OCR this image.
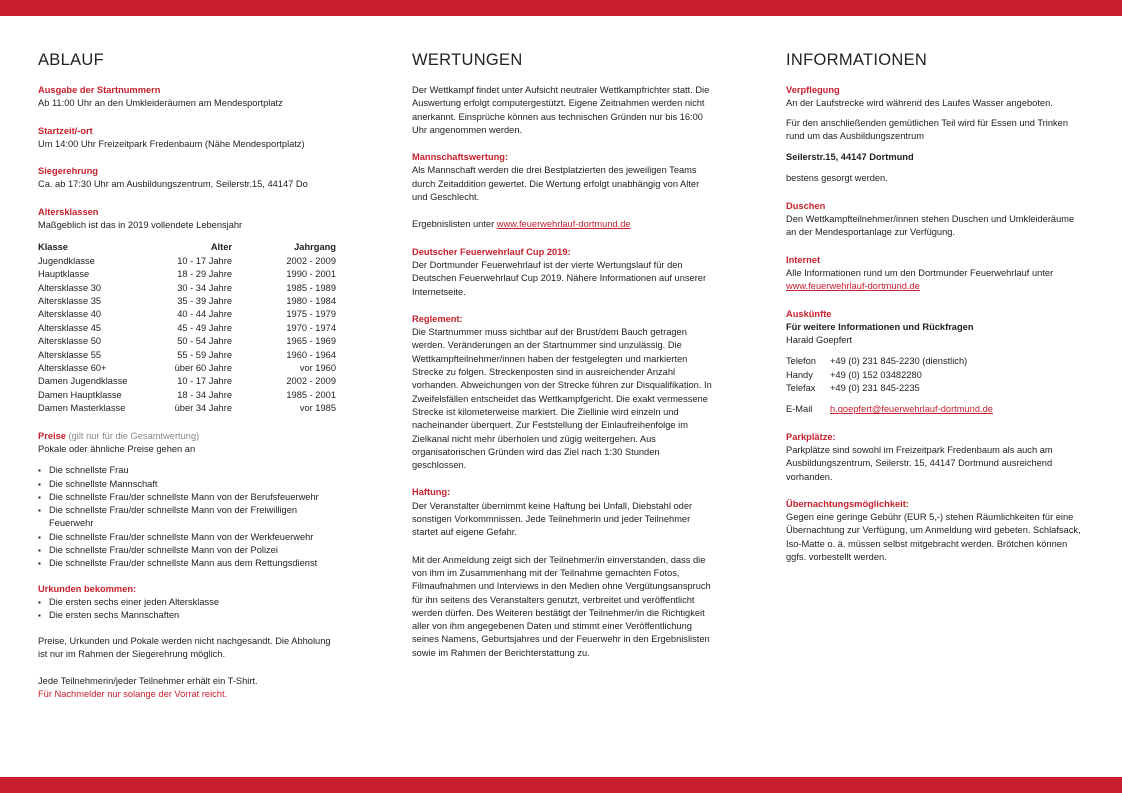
ABLAUF
Ausgabe der Startnummern

Ab 11:00 Uhr an den Umkleideräumen am Mendesportplatz

Startzeit/-ort

Um 14:00 Uhr Freizeitpark Fredenbaum (Nähe Mendesportplatz)

Siegerehrung

Ca. ab 17:30 Uhr am Ausbildungszentrum, Seilerstr.15, 44147 Do

Altersklassen

Maßgeblich ist das in 2019 vollendete Lebensjahr

Klasse	Alter	Jahrgang
Jugendklasse	10 - 17 Jahre	2002 - 2009
Hauptklasse	18 - 29 Jahre	1990 - 2001
Altersklasse 30	30 - 34 Jahre	1985 - 1989
Altersklasse 35	35 - 39 Jahre	1980 - 1984
Altersklasse 40	40 - 44 Jahre	1975 - 1979
Altersklasse 45	45 - 49 Jahre	1970 - 1974
Altersklasse 50	50 - 54 Jahre	1965 - 1969
Altersklasse 55	55 - 59 Jahre	1960 - 1964
Altersklasse 60+	über 60 Jahre	vor 1960
Damen Jugendklasse	10 - 17 Jahre	2002 - 2009
Damen Hauptklasse	18 - 34 Jahre	1985 - 2001
Damen Masterklasse	über 34 Jahre	vor 1985

Preise (gilt nur für die Gesamtwertung)

Pokale oder ähnliche Preise gehen an

▪ Die schnellste Frau
▪ Die schnellste Mannschaft
▪ Die schnellste Frau/der schnellste Mann von der Berufsfeuerwehr
▪ Die schnellste Frau/der schnellste Mann von der Freiwilligen Feuerwehr
▪ Die schnellste Frau/der schnellste Mann von der Werkfeuerwehr
▪ Die schnellste Frau/der schnellste Mann von der Polizei
▪ Die schnellste Frau/der schnellste Mann aus dem Rettungsdienst
Urkunden bekommen:
▪ Die ersten sechs einer jeden Altersklasse
▪ Die ersten sechs Mannschaften

Preise, Urkunden und Pokale werden nicht nachgesandt. Die Abholung ist nur im Rahmen der Siegerehrung möglich.

Jede Teilnehmerin/jeder Teilnehmer erhält ein T-Shirt.

Für Nachmelder nur solange der Vorrat reicht.

WERTUNGEN

Der Wettkampf findet unter Aufsicht neutraler Wettkampfrichter statt. Die Auswertung erfolgt computergestützt. Eigene Zeitnahmen werden nicht anerkannt. Einsprüche können aus technischen Gründen nur bis 16:00 Uhr angenommen werden.

Mannschaftswertung:

Als Mannschaft werden die drei Bestplatzierten des jeweiligen Teams durch Zeitaddition gewertet. Die Wertung erfolgt unabhängig von Alter und Geschlecht.

Ergebnislisten unter www.feuerwehrlauf-dortmund.de

Deutscher Feuerwehrlauf Cup 2019:

Der Dortmunder Feuerwehrlauf ist der vierte Wertungslauf für den Deutschen Feuerwehrlauf Cup 2019. Nähere Informationen auf unserer Internetseite.

Reglement:

Die Startnummer muss sichtbar auf der Brust/dem Bauch getragen werden. Veränderungen an der Startnummer sind unzulässig. Die Wettkampfteilnehmer/innen haben der festgelegten und markierten Strecke zu folgen. Streckenposten sind in ausreichender Anzahl vorhanden. Abweichungen von der Strecke führen zur Disqualifikation. In Zweifelsfällen entscheidet das Wettkampfgericht. Die exakt vermessene Strecke ist kilometerweise markiert. Die Ziellinie wird einzeln und nacheinander überquert. Zur Feststellung der Einlaufreihenfolge im Zielkanal nicht mehr überholen und zügig weitergehen. Aus organisatorischen Gründen wird das Ziel nach 1:30 Stunden geschlossen.

Haftung:

Der Veranstalter übernimmt keine Haftung bei Unfall, Diebstahl oder sonstigen Vorkommnissen. Jede Teilnehmerin und jeder Teilnehmer startet auf eigene Gefahr.

Mit der Anmeldung zeigt sich der Teilnehmer/in einverstanden, dass die von ihm im Zusammenhang mit der Teilnahme gemachten Fotos, Filmaufnahmen und Interviews in den Medien ohne Vergütungsanspruch für ihn seitens des Veranstalters genutzt, verbreitet und veröffentlicht werden dürfen. Des Weiteren bestätigt der Teilnehmer/in die Richtigkeit aller von ihm angegebenen Daten und stimmt einer Veröffentlichung seines Namens, Geburtsjahres und der Feuerwehr in den Ergebnislisten sowie im Rahmen der Berichterstattung zu.

INFORMATIONEN
Verpflegung

An der Laufstrecke wird während des Laufes Wasser angeboten.

Für den anschließenden gemütlichen Teil wird für Essen und Trinken rund um das Ausbildungszentrum

Seilerstr.15, 44147 Dortmund

bestens gesorgt werden.

Duschen

Den Wettkampfteilnehmer/innen stehen Duschen und Umkleideräume an der Mendesportanlage zur Verfügung.

Internet

Alle Informationen rund um den Dortmunder Feuerwehrlauf unter

www.feuerwehrlauf-dortmund.de

Auskünfte

Für weitere Informationen und Rückfragen

Harald Goepfert

Telefon	+49 (0) 231 845-2230 (dienstlich)
Handy	+49 (0) 152 03482280
Telefax	+49 (0) 231 845-2235
E-Mail	h.goepfert@feuerwehrlauf-dortmund.de
Parkplätze:

Parkplätze sind sowohl im Freizeitpark Fredenbaum als auch am Ausbildungszentrum, Seilerstr. 15, 44147 Dortmund ausreichend vorhanden.

Übernachtungsmöglichkeit:

Gegen eine geringe Gebühr (EUR 5,-) stehen Räumlichkeiten für eine Übernachtung zur Verfügung, um Anmeldung wird gebeten. Schlafsack, Iso-Matte o. ä. müssen selbst mitgebracht werden. Brötchen können ggfs. vorbestellt werden.
